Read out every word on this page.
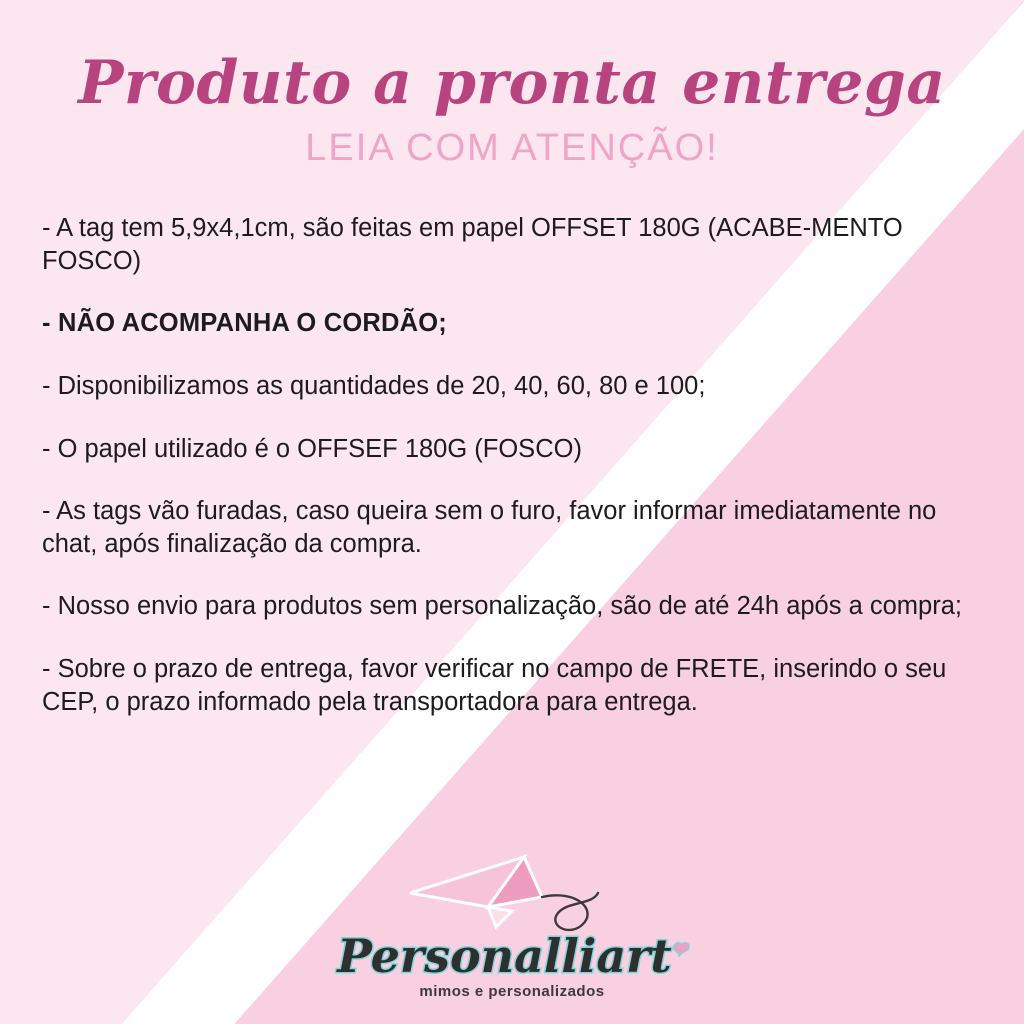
Produto a pronta entrega
LEIA COM ATENÇÃO!

- A tag tem 5,9x4,1cm, são feitas em papel OFFSET 180G (ACABE-MENTO FOSCO)

- NÃO ACOMPANHA O CORDÃO;

- Disponibilizamos as quantidades de 20, 40, 60, 80 e 100;

- O papel utilizado é o OFFSEF 180G (FOSCO)

- As tags vão furadas, caso queira sem o furo, favor informar imediatamente no chat, após finalização da compra.

- Nosso envio para produtos sem personalização, são de até 24h após a compra;

- Sobre o prazo de entrega, favor verificar no campo de FRETE, inserindo o seu CEP, o prazo informado pela transportadora para entrega.

Personalliart❤

mimos e personalizados
